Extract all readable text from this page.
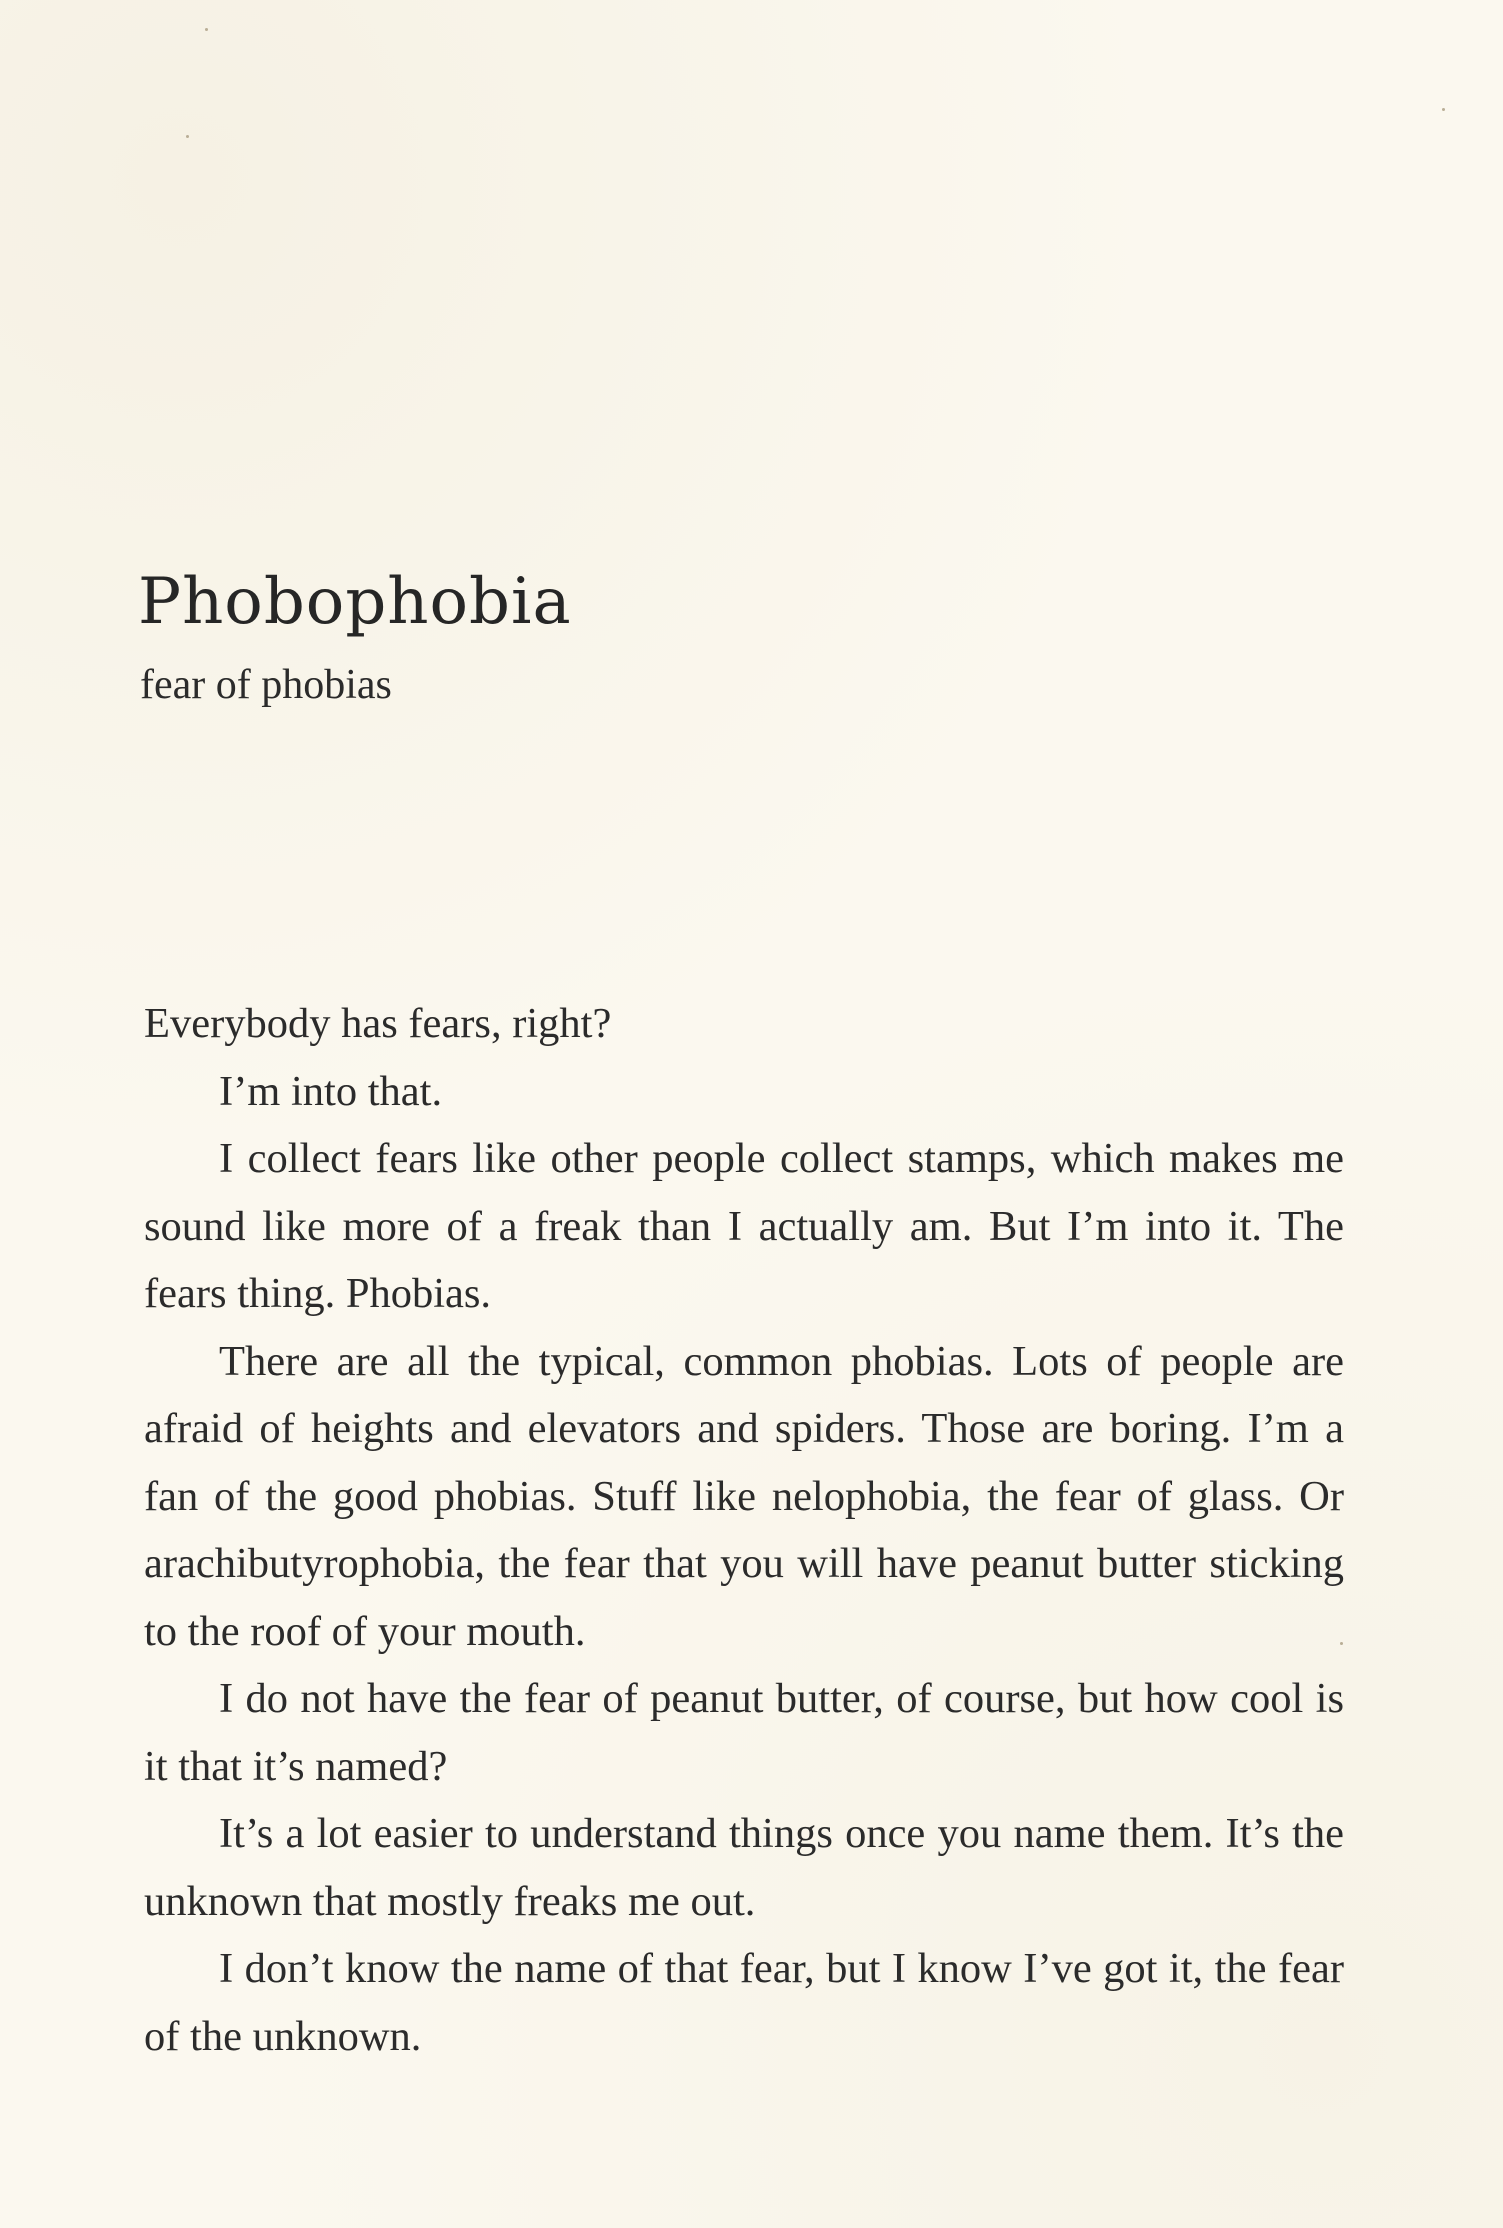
Phobophobia
fear of phobias

Everybody has fears, right?

I’m into that.

I collect fears like other people collect stamps, which makes me sound like more of a freak than I actually am. But I’m into it. The fears thing. Phobias.

There are all the typical, common phobias. Lots of people are afraid of heights and elevators and spiders. Those are boring. I’m a fan of the good phobias. Stuff like nelophobia, the fear of glass. Or arachibutyrophobia, the fear that you will have peanut butter sticking to the roof of your mouth.

I do not have the fear of peanut butter, of course, but how cool is it that it’s named?

It’s a lot easier to understand things once you name them. It’s the unknown that mostly freaks me out.

I don’t know the name of that fear, but I know I’ve got it, the fear of the unknown.
